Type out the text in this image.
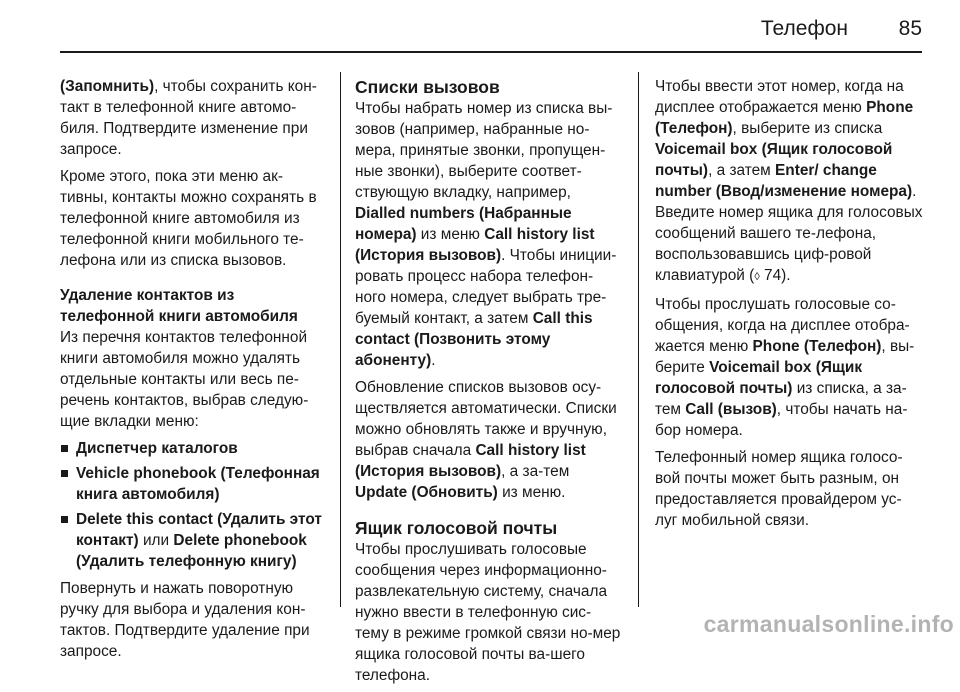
Телефон 85

(Запомнить), чтобы сохранить кон-такт в телефонной книге автомо-биля. Подтвердите изменение при запросе.

Кроме этого, пока эти меню ак-тивны, контакты можно сохранять в телефонной книге автомобиля из телефонной книги мобильного те-лефона или из списка вызовов.

Удаление контактов из телефонной книги автомобиля

Из перечня контактов телефонной книги автомобиля можно удалять отдельные контакты или весь пе-речень контактов, выбрав следую-щие вкладки меню:

Диспетчер каталогов
Vehicle phonebook (Телефонная книга автомобиля)
Delete this contact (Удалить этот контакт) или Delete phonebook (Удалить телефонную книгу)

Повернуть и нажать поворотную ручку для выбора и удаления кон-тактов. Подтвердите удаление при запросе.

Списки вызовов

Чтобы набрать номер из списка вы-зовов (например, набранные но-мера, принятые звонки, пропущен-ные звонки), выберите соответ-ствующую вкладку, например, Dialled numbers (Набранные номера) из меню Call history list (История вызовов). Чтобы иниции-ровать процесс набора телефон-ного номера, следует выбрать тре-буемый контакт, а затем Call this contact (Позвонить этому абоненту).

Обновление списков вызовов осу-ществляется автоматически. Списки можно обновлять также и вручную, выбрав сначала Call history list (История вызовов), а за-тем Update (Обновить) из меню.

Ящик голосовой почты

Чтобы прослушивать голосовые сообщения через информационно-развлекательную систему, сначала нужно ввести в телефонную сис-тему в режиме громкой связи но-мер ящика голосовой почты ва-шего телефона.

Чтобы ввести этот номер, когда на дисплее отображается меню Phone (Телефон), выберите из списка Voicemail box (Ящик голосовой почты), а затем Enter/ change number (Ввод/изменение номера). Введите номер ящика для голосовых сообщений вашего те-лефона, воспользовавшись циф-ровой клавиатурой (◊ 74).

Чтобы прослушать голосовые со-общения, когда на дисплее отобра-жается меню Phone (Телефон), вы-берите Voicemail box (Ящик голосовой почты) из списка, а за-тем Call (вызов), чтобы начать на-бор номера.

Телефонный номер ящика голосо-вой почты может быть разным, он предоставляется провайдером ус-луг мобильной связи.

carmanualsonline.info
